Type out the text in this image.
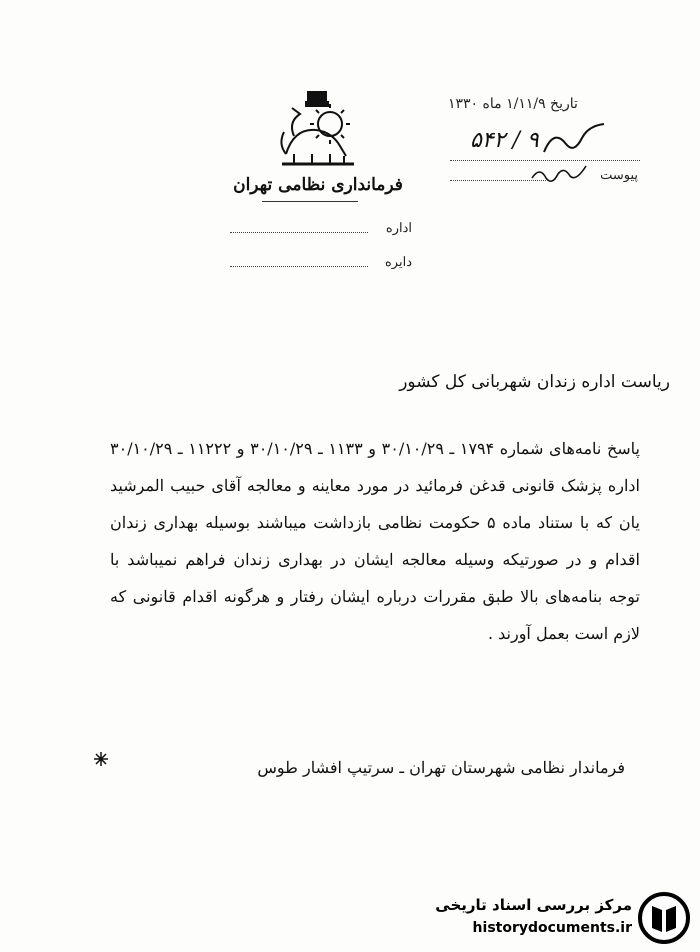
فرمانداری نظامی تهران
اداره
دایره
تاریخ ۱/۱۱/۹ ماه ۱۳۳۰
۵۴۲ / ۹
پیوست
ریاست اداره زندان شهربانی کل کشور
پاسخ نامه‌های شماره ۱۷۹۴ ـ ۳۰/۱۰/۲۹ و ۱۱۳۳ ـ ۳۰/۱۰/۲۹ و ۱۱۲۲۲ ـ ۳۰/۱۰/۲۹ اداره پزشک قانونی قدغن فرمائید در مورد معاینه و معالجه آقای حبیب المرشید یان که با ستناد ماده ۵ حکومت نظامی بازداشت میباشند بوسیله بهداری زندان اقدام و در صورتیکه وسیله معالجه ایشان در بهداری زندان فراهم نمیباشد با توجه بنامه‌های بالا طبق مقررات درباره ایشان رفتار و هرگونه اقدام قانونی که لازم است بعمل آورند .
فرماندار نظامی شهرستان تهران ـ سرتیپ افشار طوس
مرکز بررسی اسناد تاریخی
historydocuments.ir
